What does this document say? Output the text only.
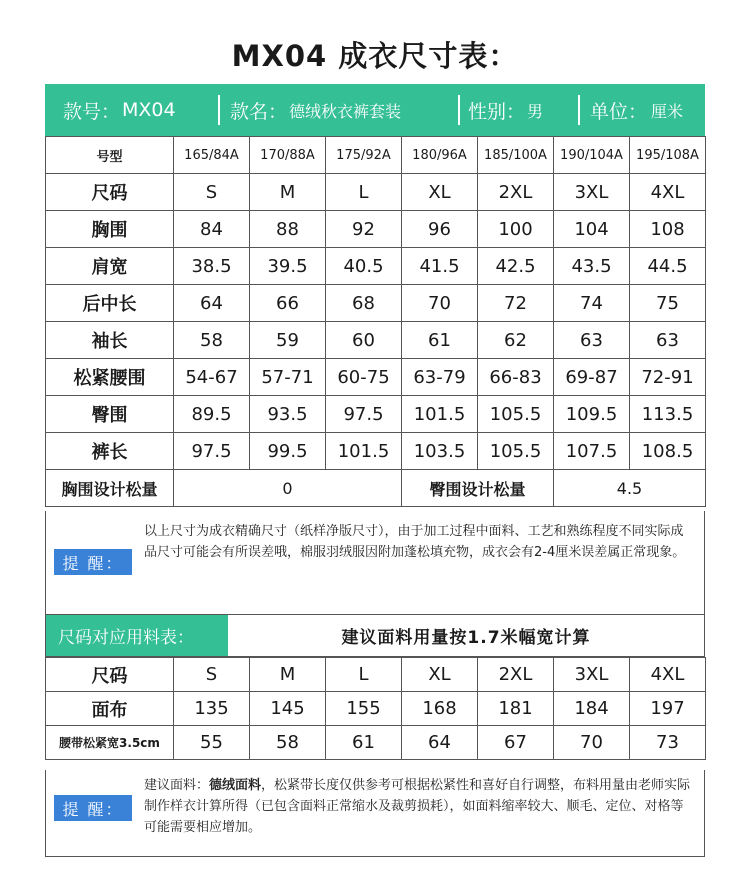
MX04 成衣尺寸表：
款号： MX04	款名： 德绒秋衣裤套装	性别： 男 单位： 厘米
号型	165/84A	170/88A	175/92A	180/96A	185/100A	190/104A	195/108A
尺码	S	M	L	XL	2XL	3XL	4XL
胸围	84	88	92	96	100	104	108
肩宽	38.5	39.5	40.5	41.5	42.5	43.5	44.5
后中长	64	66	68	70	72	74	75
袖长	58	59	60	61	62	63	63
松紧腰围	54-67	57-71	60-75	63-79	66-83	69-87	72-91
臀围	89.5	93.5	97.5	101.5	105.5	109.5	113.5
裤长	97.5	99.5	101.5	103.5	105.5	107.5	108.5
胸围设计松量	0			臀围设计松量		4.5	
提 醒：
以上尺寸为成衣精确尺寸（纸样净版尺寸），由于加工过程中面料、工艺和熟练程度不同实际成品尺寸可能会有所误差哦，棉服羽绒服因附加蓬松填充物，成衣会有2-4厘米误差属正常现象。
尺码对应用料表：	建议面料用量按1.7米幅宽计算
尺码	S	M	L	XL	2XL	3XL	4XL
面布	135	145	155	168	181	184	197
腰带松紧宽3.5cm	55	58	61	64	67	70	73
提 醒：
建议面料：德绒面料，松紧带长度仅供参考可根据松紧性和喜好自行调整，布料用量由老师实际制作样衣计算所得（已包含面料正常缩水及裁剪损耗），如面料缩率较大、顺毛、定位、对格等可能需要相应增加。
